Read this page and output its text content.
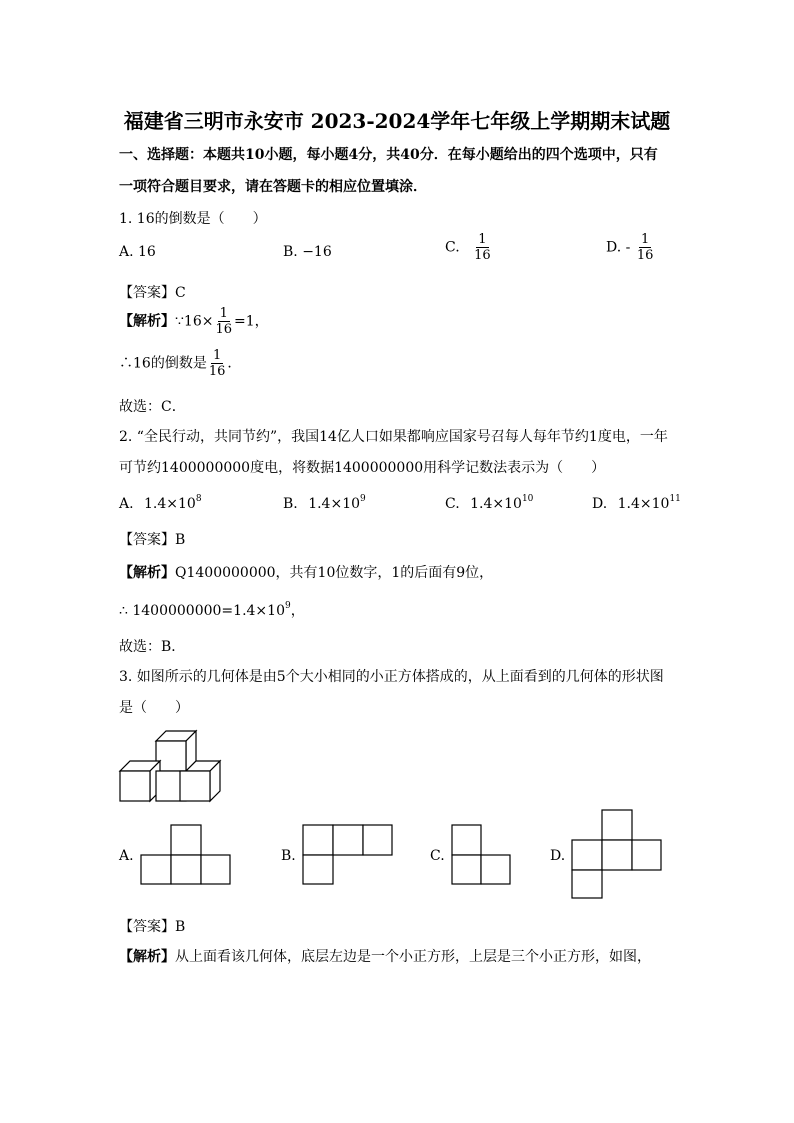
福建省三明市永安市 2023-2024学年七年级上学期期末试题
一、选择题：本题共10小题，每小题4分，共40分．在每小题给出的四个选项中，只有
一项符合题目要求，请在答题卡的相应位置填涂．
1. 16的倒数是（　　）
A. 16	B. −16	C. $\frac{1}{16}$	D. - $\frac{1}{16}$
【答案】C
【解析】∵16× $\frac{1}{16} =1$，
∴16的倒数是 $\frac{1}{16}$ ．
故选：C．
2. “全民行动，共同节约”，我国14亿人口如果都响应国家号召每人每年节约1度电，一年
可节约1400000000度电，将数据1400000000用科学记数法表示为（　　）
A. $1.4\times 10^8$	B. $1.4\times 10^9$	C. $1.4\times 10^{10}$	D. $1.4\times 10^{11}$
【答案】B
【解析】Q1400000000，共有10位数字，1的后面有9位，
∴ $1400000000=1.4\times 10^9$，
故选：B．
3. 如图所示的几何体是由5个大小相同的小正方体搭成的，从上面看到的几何体的形状图
是（　　）
A.	B.	C.	D.
【答案】B
【解析】从上面看该几何体，底层左边是一个小正方形，上层是三个小正方形，如图，
